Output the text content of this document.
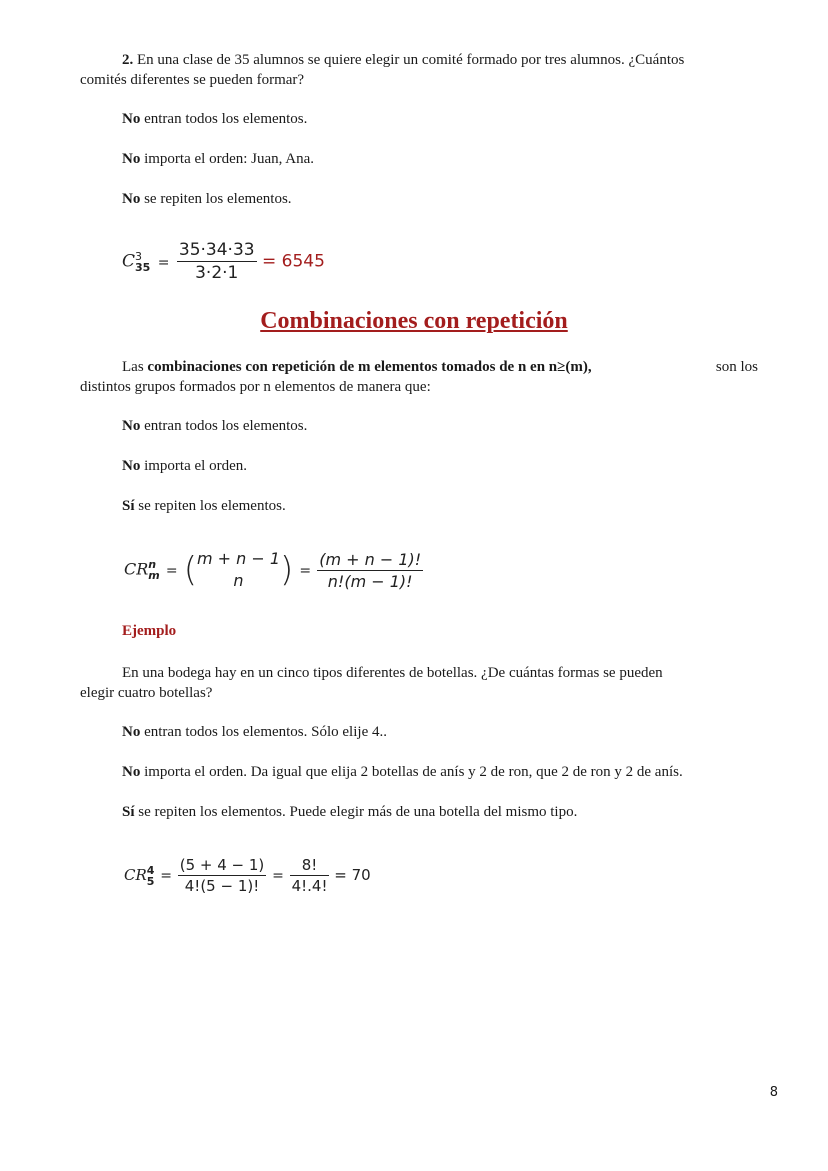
2. En una clase de 35 alumnos se quiere elegir un comité formado por tres alumnos. ¿Cuántos
comités diferentes se pueden formar?
No entran todos los elementos.
No importa el orden: Juan, Ana.
No se repiten los elementos.
C 3
$35 = \frac{35\cdot 34\cdot 33}{3\cdot 2\cdot 1} = 6545$
Combinaciones con repetición
Las combinaciones con repetición de m elementos tomados de n en n≥(m),	son los
distintos grupos formados por n elementos de manera que:
No entran todos los elementos.
No importa el orden.
Sí se repiten los elementos.
CR n
m = ( m + n − 1
n	) = $\frac{(m + n - 1)!}{n!(m - 1)!}$
Ejemplo
En una bodega hay en un cinco tipos diferentes de botellas. ¿De cuántas formas se pueden
elegir cuatro botellas?
No entran todos los elementos. Sólo elije 4..
No importa el orden. Da igual que elija 2 botellas de anís y 2 de ron, que 2 de ron y 2 de anís.
Sí se repiten los elementos. Puede elegir más de una botella del mismo tipo.
CR 4
$5 = \frac{(5 + 4 - 1)}{4!(5 - 1)!} = \frac{8!}{4!.4!} = 70$
8
